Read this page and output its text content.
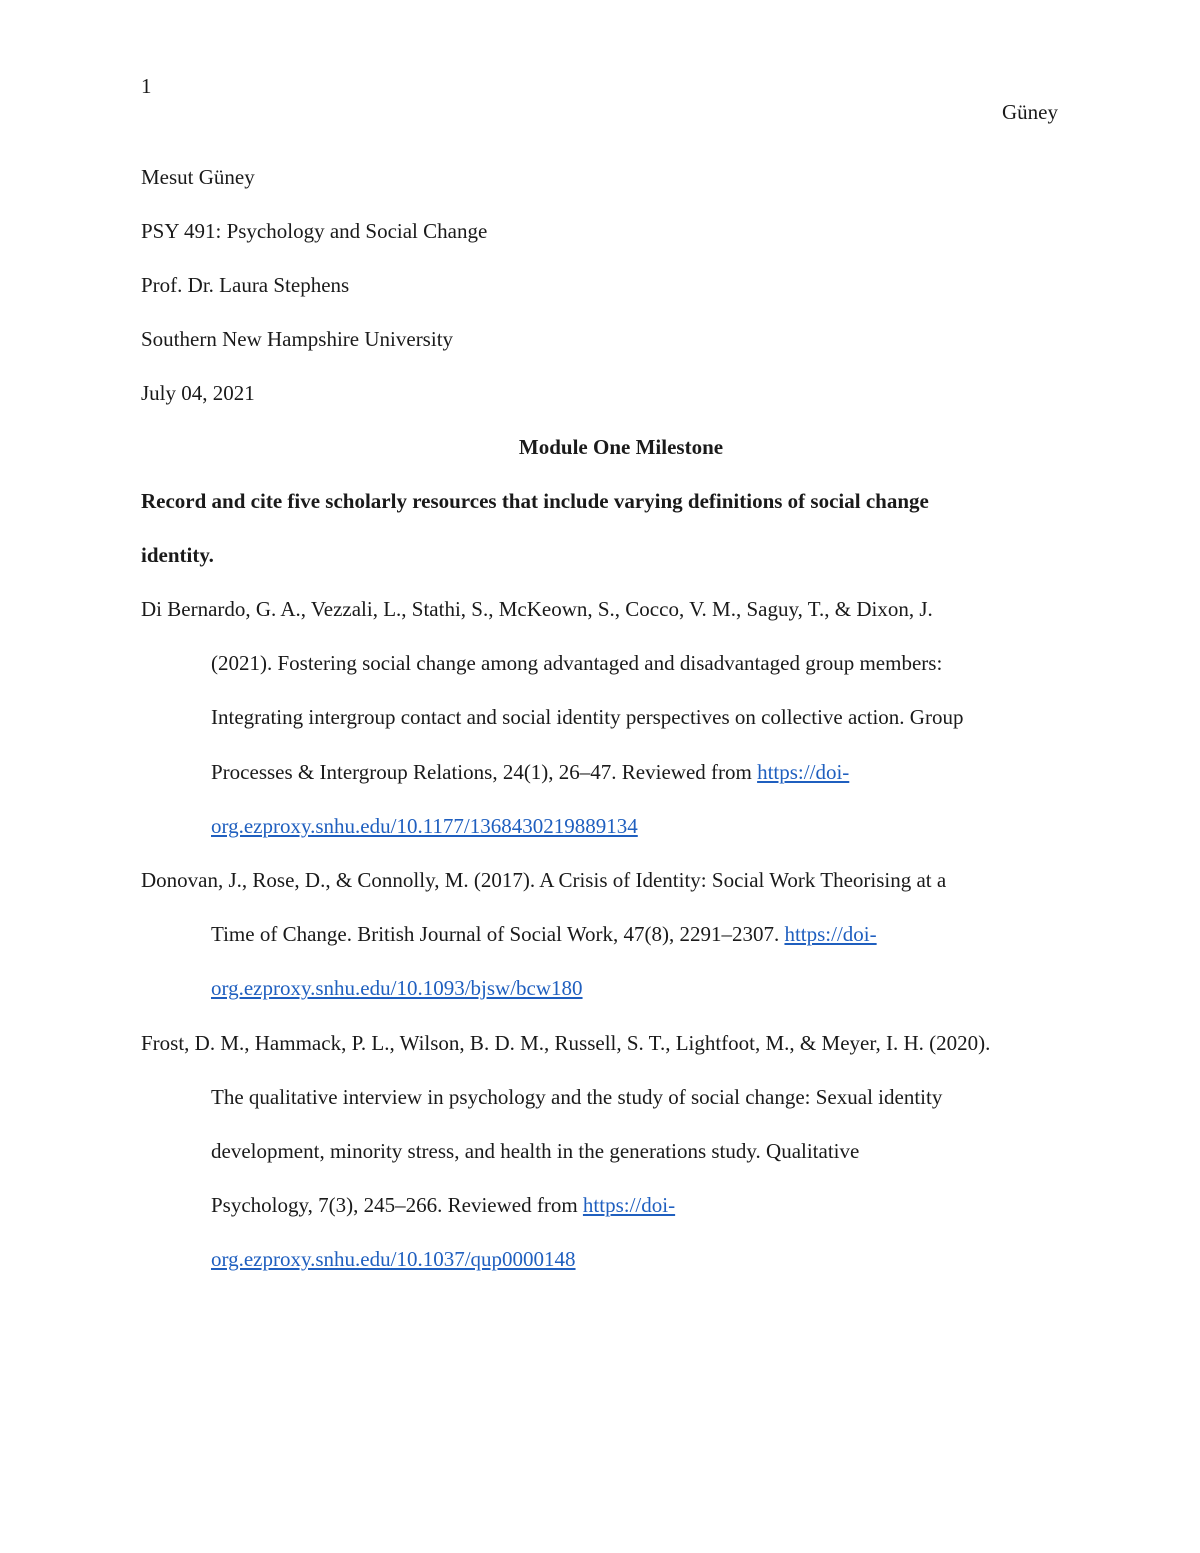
1
Güney
Mesut Güney
PSY 491: Psychology and Social Change
Prof. Dr. Laura Stephens
Southern New Hampshire University
July 04, 2021
Module One Milestone
Record and cite five scholarly resources that include varying definitions of social change
identity.
Di Bernardo, G. A., Vezzali, L., Stathi, S., McKeown, S., Cocco, V. M., Saguy, T., & Dixon, J.
(2021). Fostering social change among advantaged and disadvantaged group members:
Integrating intergroup contact and social identity perspectives on collective action. Group
Processes & Intergroup Relations, 24(1), 26–47. Reviewed from https://doi-
org.ezproxy.snhu.edu/10.1177/1368430219889134
Donovan, J., Rose, D., & Connolly, M. (2017). A Crisis of Identity: Social Work Theorising at a
Time of Change. British Journal of Social Work, 47(8), 2291–2307. https://doi-
org.ezproxy.snhu.edu/10.1093/bjsw/bcw180
Frost, D. M., Hammack, P. L., Wilson, B. D. M., Russell, S. T., Lightfoot, M., & Meyer, I. H. (2020).
The qualitative interview in psychology and the study of social change: Sexual identity
development, minority stress, and health in the generations study. Qualitative
Psychology, 7(3), 245–266. Reviewed from https://doi-
org.ezproxy.snhu.edu/10.1037/qup0000148
